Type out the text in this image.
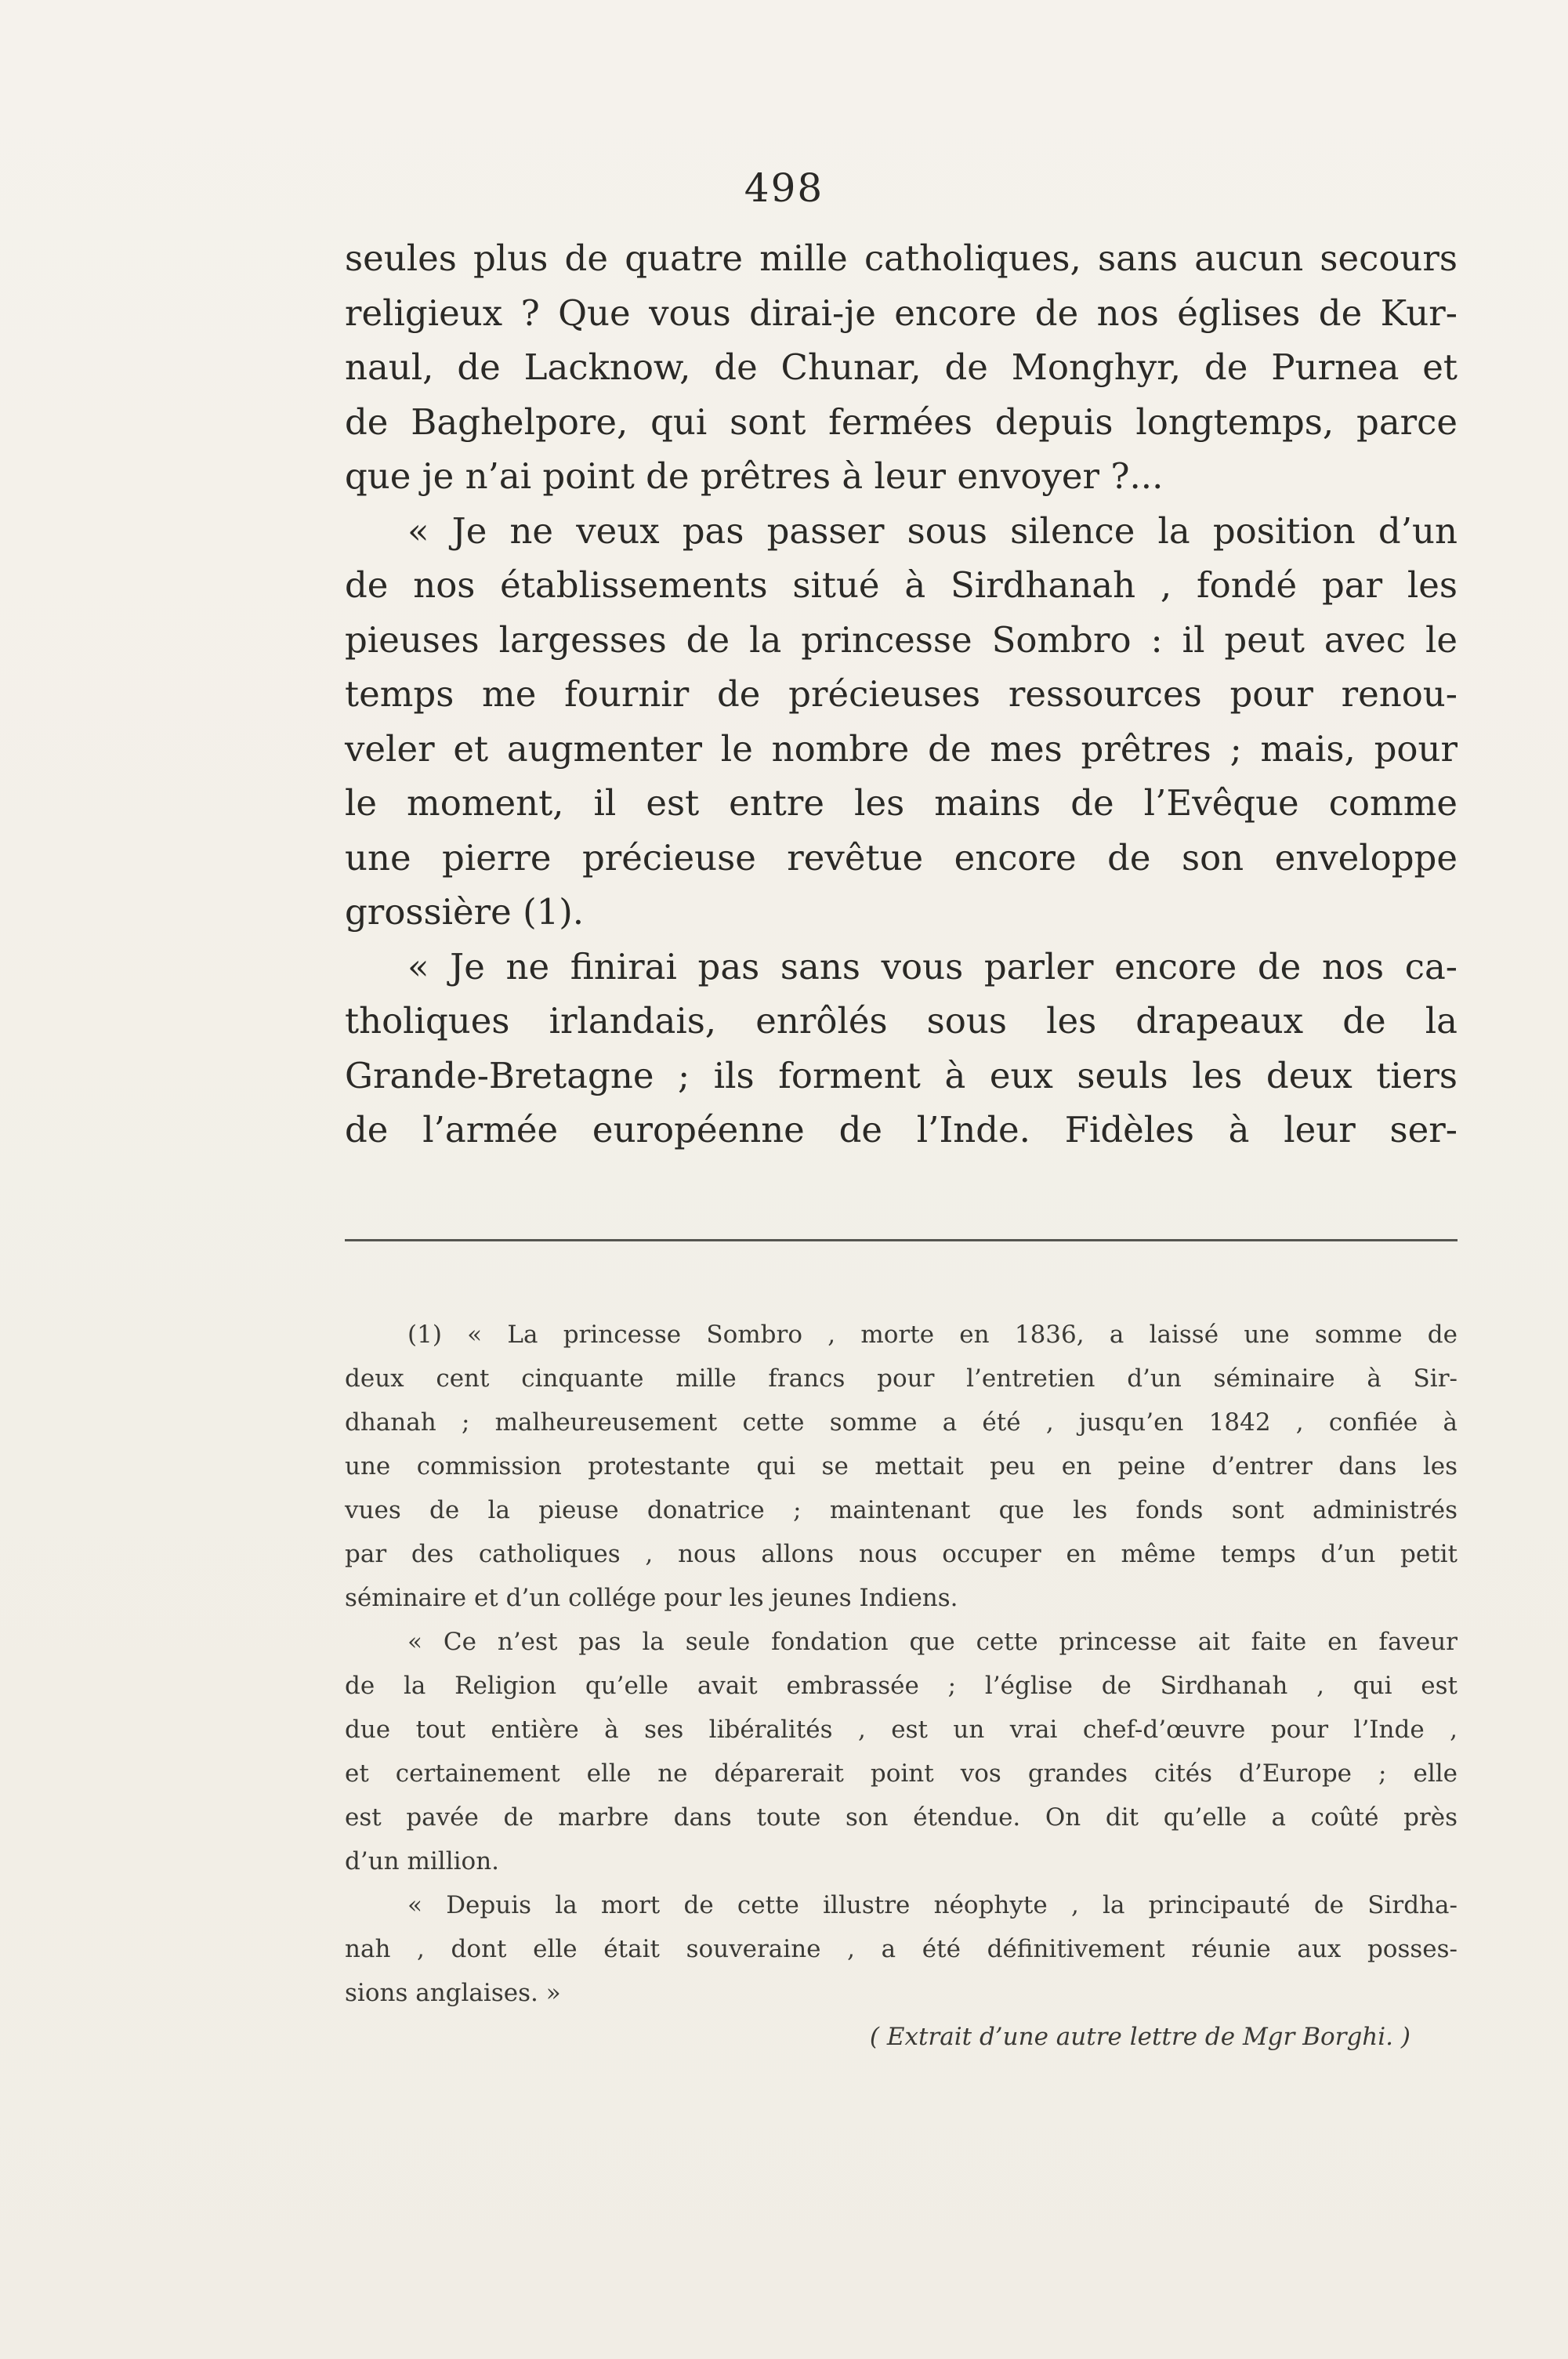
498

seules plus de quatre mille catholiques, sans aucun secours
religieux ? Que vous dirai-je encore de nos églises de Kur-
naul, de Lacknow, de Chunar, de Monghyr, de Purnea et
de Baghelpore, qui sont fermées depuis longtemps, parce
que je n’ai point de prêtres à leur envoyer ?...

« Je ne veux pas passer sous silence la position d’un
de nos établissements situé à Sirdhanah , fondé par les
pieuses largesses de la princesse Sombro : il peut avec le
temps me fournir de précieuses ressources pour renou-
veler et augmenter le nombre de mes prêtres ; mais, pour
le moment, il est entre les mains de l’Evêque comme
une pierre précieuse revêtue encore de son enveloppe
grossière (1).

« Je ne finirai pas sans vous parler encore de nos ca-
tholiques irlandais, enrôlés sous les drapeaux de la
Grande-Bretagne ; ils forment à eux seuls les deux tiers
de l’armée européenne de l’Inde. Fidèles à leur ser-

(1) « La princesse Sombro , morte en 1836, a laissé une somme de
deux cent cinquante mille francs pour l’entretien d’un séminaire à Sir-
dhanah ; malheureusement cette somme a été , jusqu’en 1842 , confiée à
une commission protestante qui se mettait peu en peine d’entrer dans les
vues de la pieuse donatrice ; maintenant que les fonds sont administrés
par des catholiques , nous allons nous occuper en même temps d’un petit
séminaire et d’un collége pour les jeunes Indiens.

« Ce n’est pas la seule fondation que cette princesse ait faite en faveur
de la Religion qu’elle avait embrassée ; l’église de Sirdhanah , qui est
due tout entière à ses libéralités , est un vrai chef-d’œuvre pour l’Inde ,
et certainement elle ne déparerait point vos grandes cités d’Europe ; elle
est pavée de marbre dans toute son étendue. On dit qu’elle a coûté près
d’un million.

« Depuis la mort de cette illustre néophyte , la principauté de Sirdha-
nah , dont elle était souveraine , a été définitivement réunie aux posses-
sions anglaises. »

( Extrait d’une autre lettre de Mgr Borghi. )
